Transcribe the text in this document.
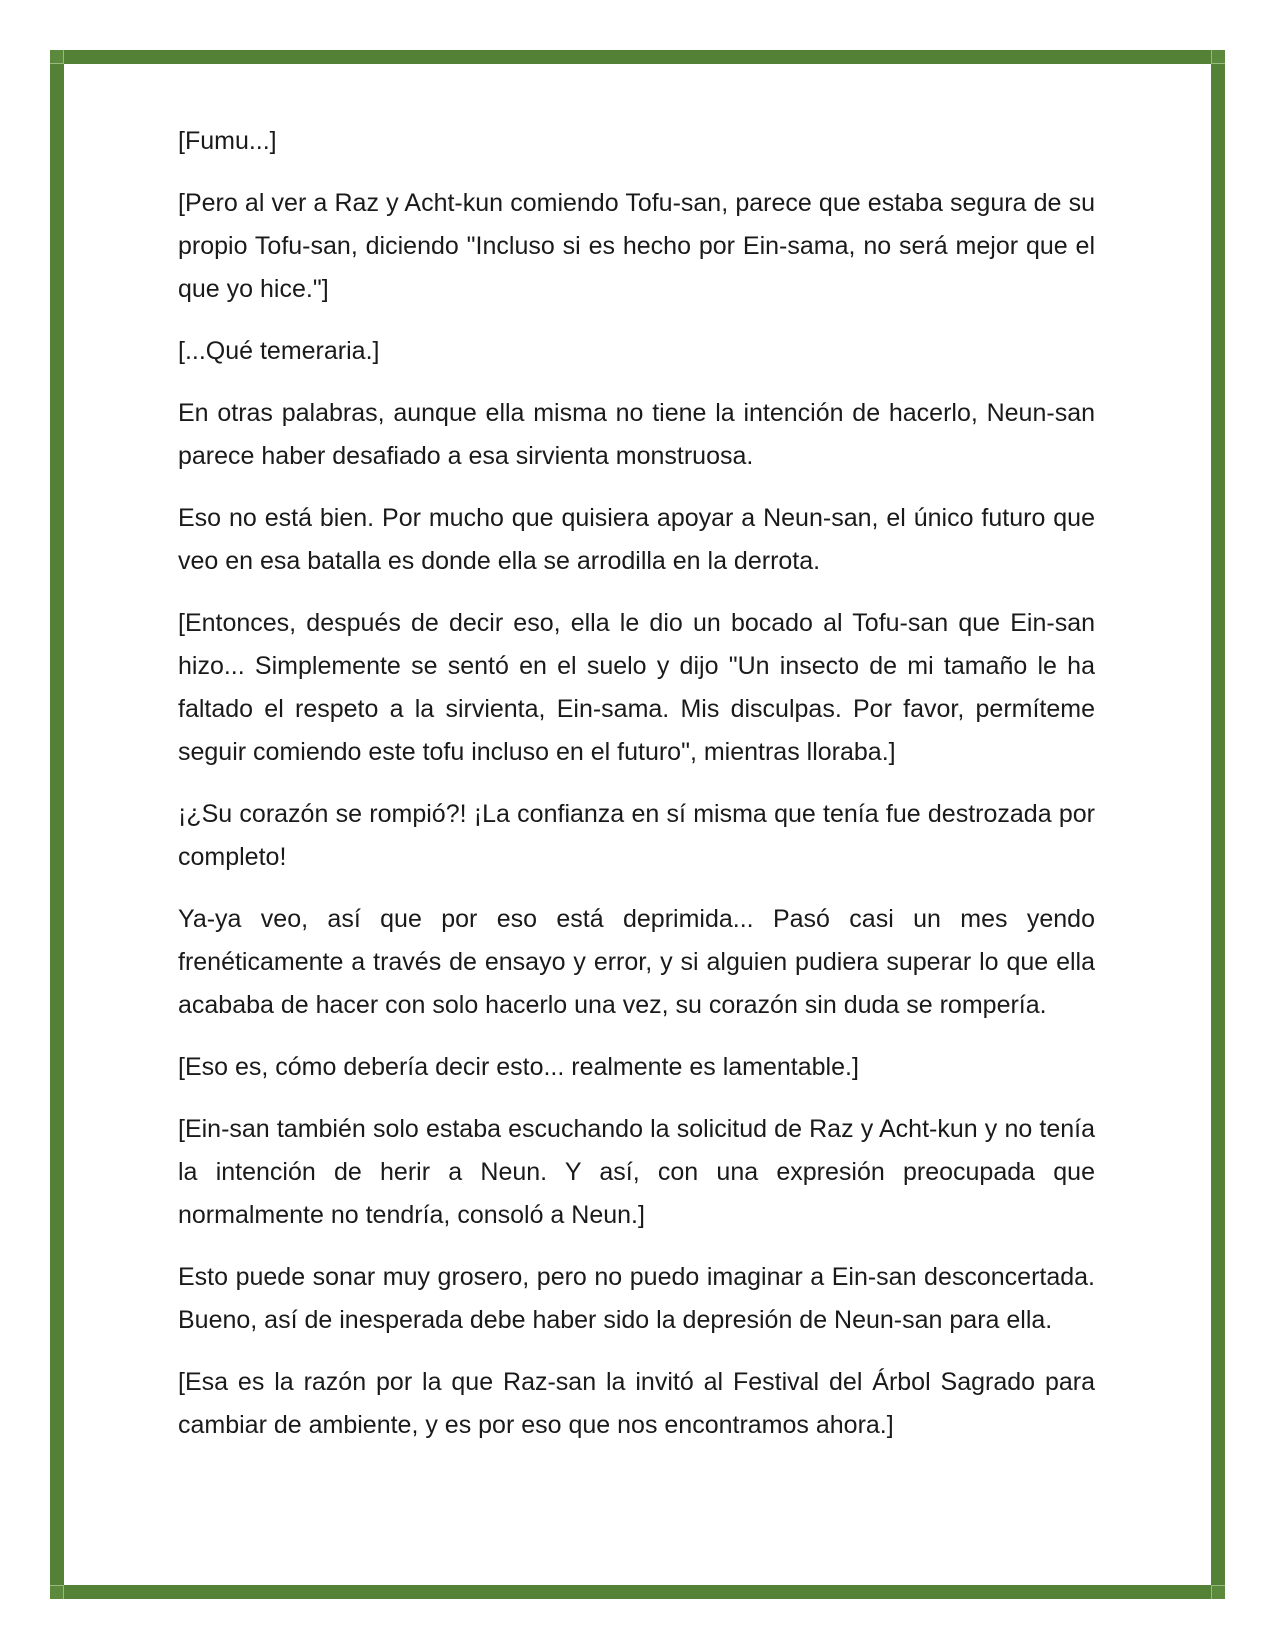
[Fumu...]

[Pero al ver a Raz y Acht-kun comiendo Tofu-san, parece que estaba segura de su propio Tofu-san, diciendo "Incluso si es hecho por Ein-sama, no será mejor que el que yo hice."]

[...Qué temeraria.]

En otras palabras, aunque ella misma no tiene la intención de hacerlo, Neun-san parece haber desafiado a esa sirvienta monstruosa.

Eso no está bien. Por mucho que quisiera apoyar a Neun-san, el único futuro que veo en esa batalla es donde ella se arrodilla en la derrota.

[Entonces, después de decir eso, ella le dio un bocado al Tofu-san que Ein-san hizo... Simplemente se sentó en el suelo y dijo "Un insecto de mi tamaño le ha faltado el respeto a la sirvienta, Ein-sama. Mis disculpas. Por favor, permíteme seguir comiendo este tofu incluso en el futuro", mientras lloraba.]

¡¿Su corazón se rompió?! ¡La confianza en sí misma que tenía fue destrozada por completo!

Ya-ya veo, así que por eso está deprimida... Pasó casi un mes yendo frenéticamente a través de ensayo y error, y si alguien pudiera superar lo que ella acababa de hacer con solo hacerlo una vez, su corazón sin duda se rompería.

[Eso es, cómo debería decir esto... realmente es lamentable.]

[Ein-san también solo estaba escuchando la solicitud de Raz y Acht-kun y no tenía la intención de herir a Neun. Y así, con una expresión preocupada que normalmente no tendría, consoló a Neun.]

Esto puede sonar muy grosero, pero no puedo imaginar a Ein-san desconcertada. Bueno, así de inesperada debe haber sido la depresión de Neun-san para ella.

[Esa es la razón por la que Raz-san la invitó al Festival del Árbol Sagrado para cambiar de ambiente, y es por eso que nos encontramos ahora.]
